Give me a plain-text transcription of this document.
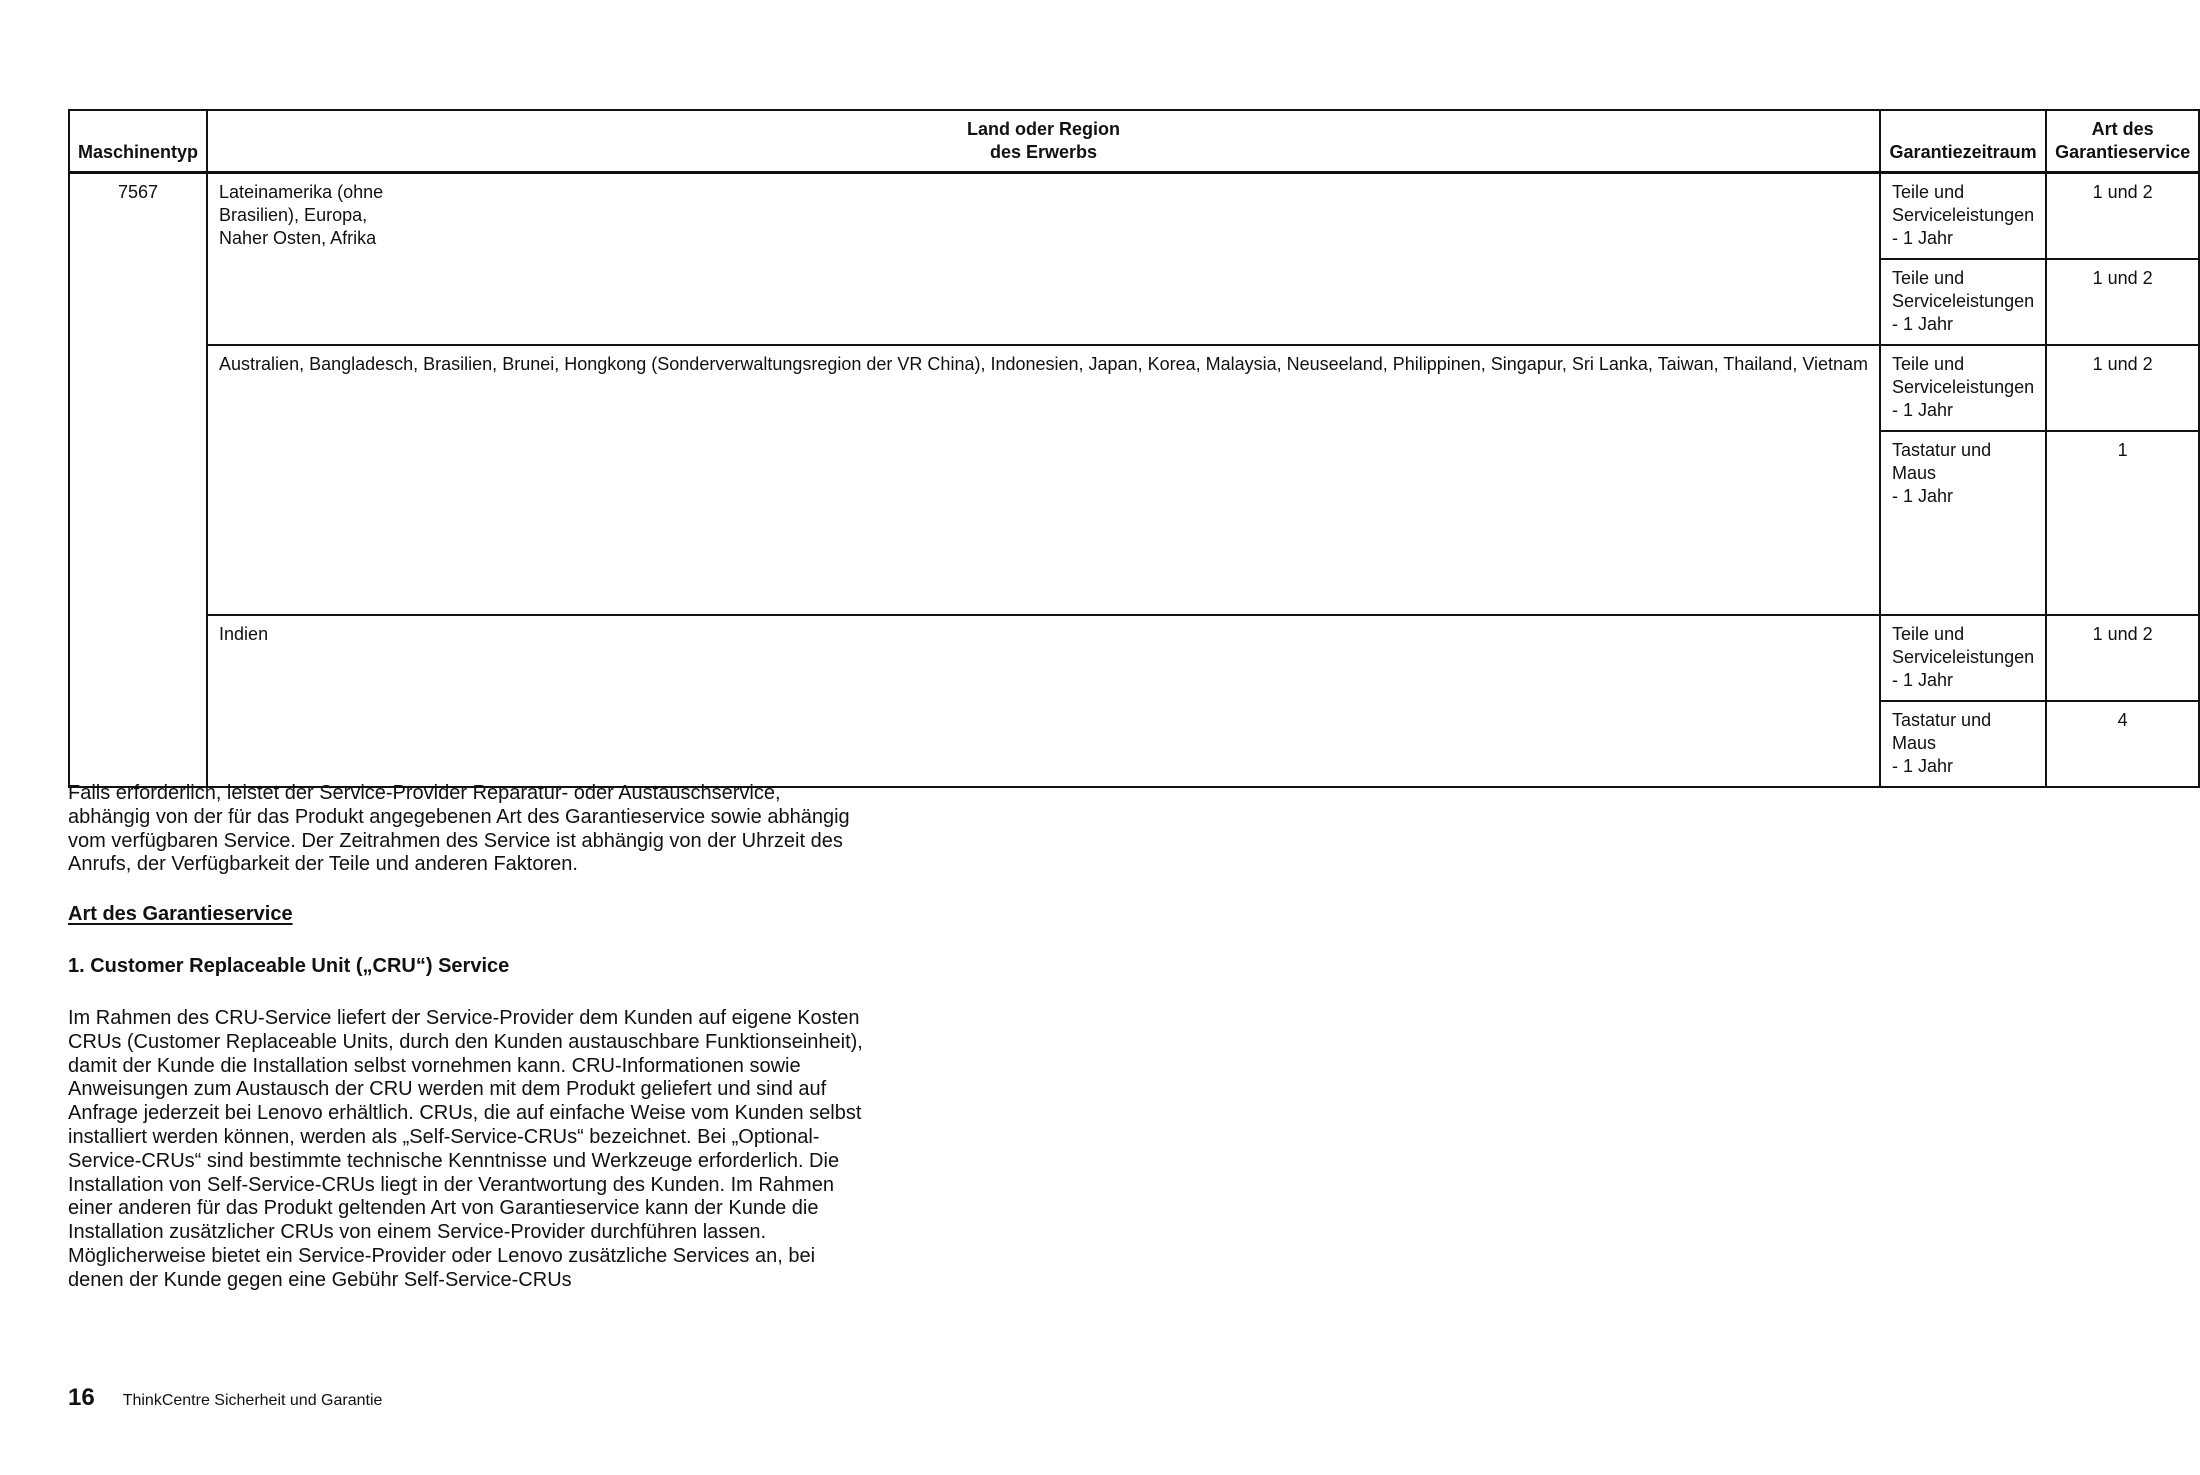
Maschinentyp	Land oder Region
des Erwerbs	Garantiezeitraum	Art des
Garantieservice
7567	Lateinamerika (ohne
Brasilien), Europa,
Naher Osten, Afrika	Teile und
Serviceleistungen
- 1 Jahr	1 und 2
		Teile und
Serviceleistungen
- 1 Jahr	1 und 2
	Australien, Bangladesch, Brasilien, Brunei, Hongkong (Sonderverwaltungsregion der VR China), Indonesien, Japan, Korea, Malaysia, Neuseeland, Philippinen, Singapur, Sri Lanka, Taiwan, Thailand, Vietnam	Teile und
Serviceleistungen
- 1 Jahr	1 und 2
		Tastatur und Maus
- 1 Jahr	1
	Indien	Teile und
Serviceleistungen
- 1 Jahr	1 und 2
		Tastatur und Maus
- 1 Jahr	4

Falls erforderlich, leistet der Service-Provider Reparatur- oder Austauschservice, abhängig von der für das Produkt angegebenen Art des Garantieservice sowie abhängig vom verfügbaren Service. Der Zeitrahmen des Service ist abhängig von der Uhrzeit des Anrufs, der Verfügbarkeit der Teile und anderen Faktoren.

Art des Garantieservice

1. Customer Replaceable Unit („CRU“) Service

Im Rahmen des CRU-Service liefert der Service-Provider dem Kunden auf eigene Kosten CRUs (Customer Replaceable Units, durch den Kunden austauschbare Funktionseinheit), damit der Kunde die Installation selbst vornehmen kann. CRU-Informationen sowie Anweisungen zum Austausch der CRU werden mit dem Produkt geliefert und sind auf Anfrage jederzeit bei Lenovo erhältlich. CRUs, die auf einfache Weise vom Kunden selbst installiert werden können, werden als „Self-Service-CRUs“ bezeichnet. Bei „Optional-Service-CRUs“ sind bestimmte technische Kenntnisse und Werkzeuge erforderlich. Die Installation von Self-Service-CRUs liegt in der Verantwortung des Kunden. Im Rahmen einer anderen für das Produkt geltenden Art von Garantieservice kann der Kunde die Installation zusätzlicher CRUs von einem Service-Provider durchführen lassen. Möglicherweise bietet ein Service-Provider oder Lenovo zusätzliche Services an, bei denen der Kunde gegen eine Gebühr Self-Service-CRUs

16 ThinkCentre Sicherheit und Garantie
